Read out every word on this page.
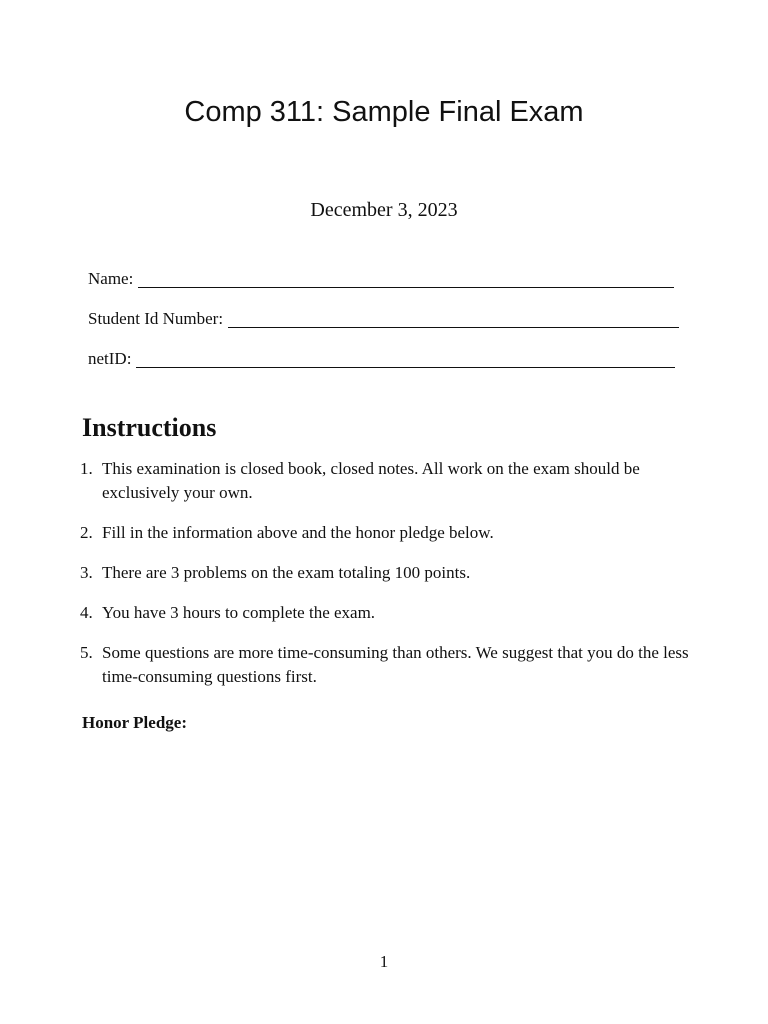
Comp 311: Sample Final Exam
December 3, 2023
Name:
Student Id Number:
netID:
Instructions
1. This examination is closed book, closed notes. All work on the exam should be exclusively your own.
2. Fill in the information above and the honor pledge below.
3. There are 3 problems on the exam totaling 100 points.
4. You have 3 hours to complete the exam.
5. Some questions are more time-consuming than others. We suggest that you do the less time-consuming questions first.
Honor Pledge:
1
